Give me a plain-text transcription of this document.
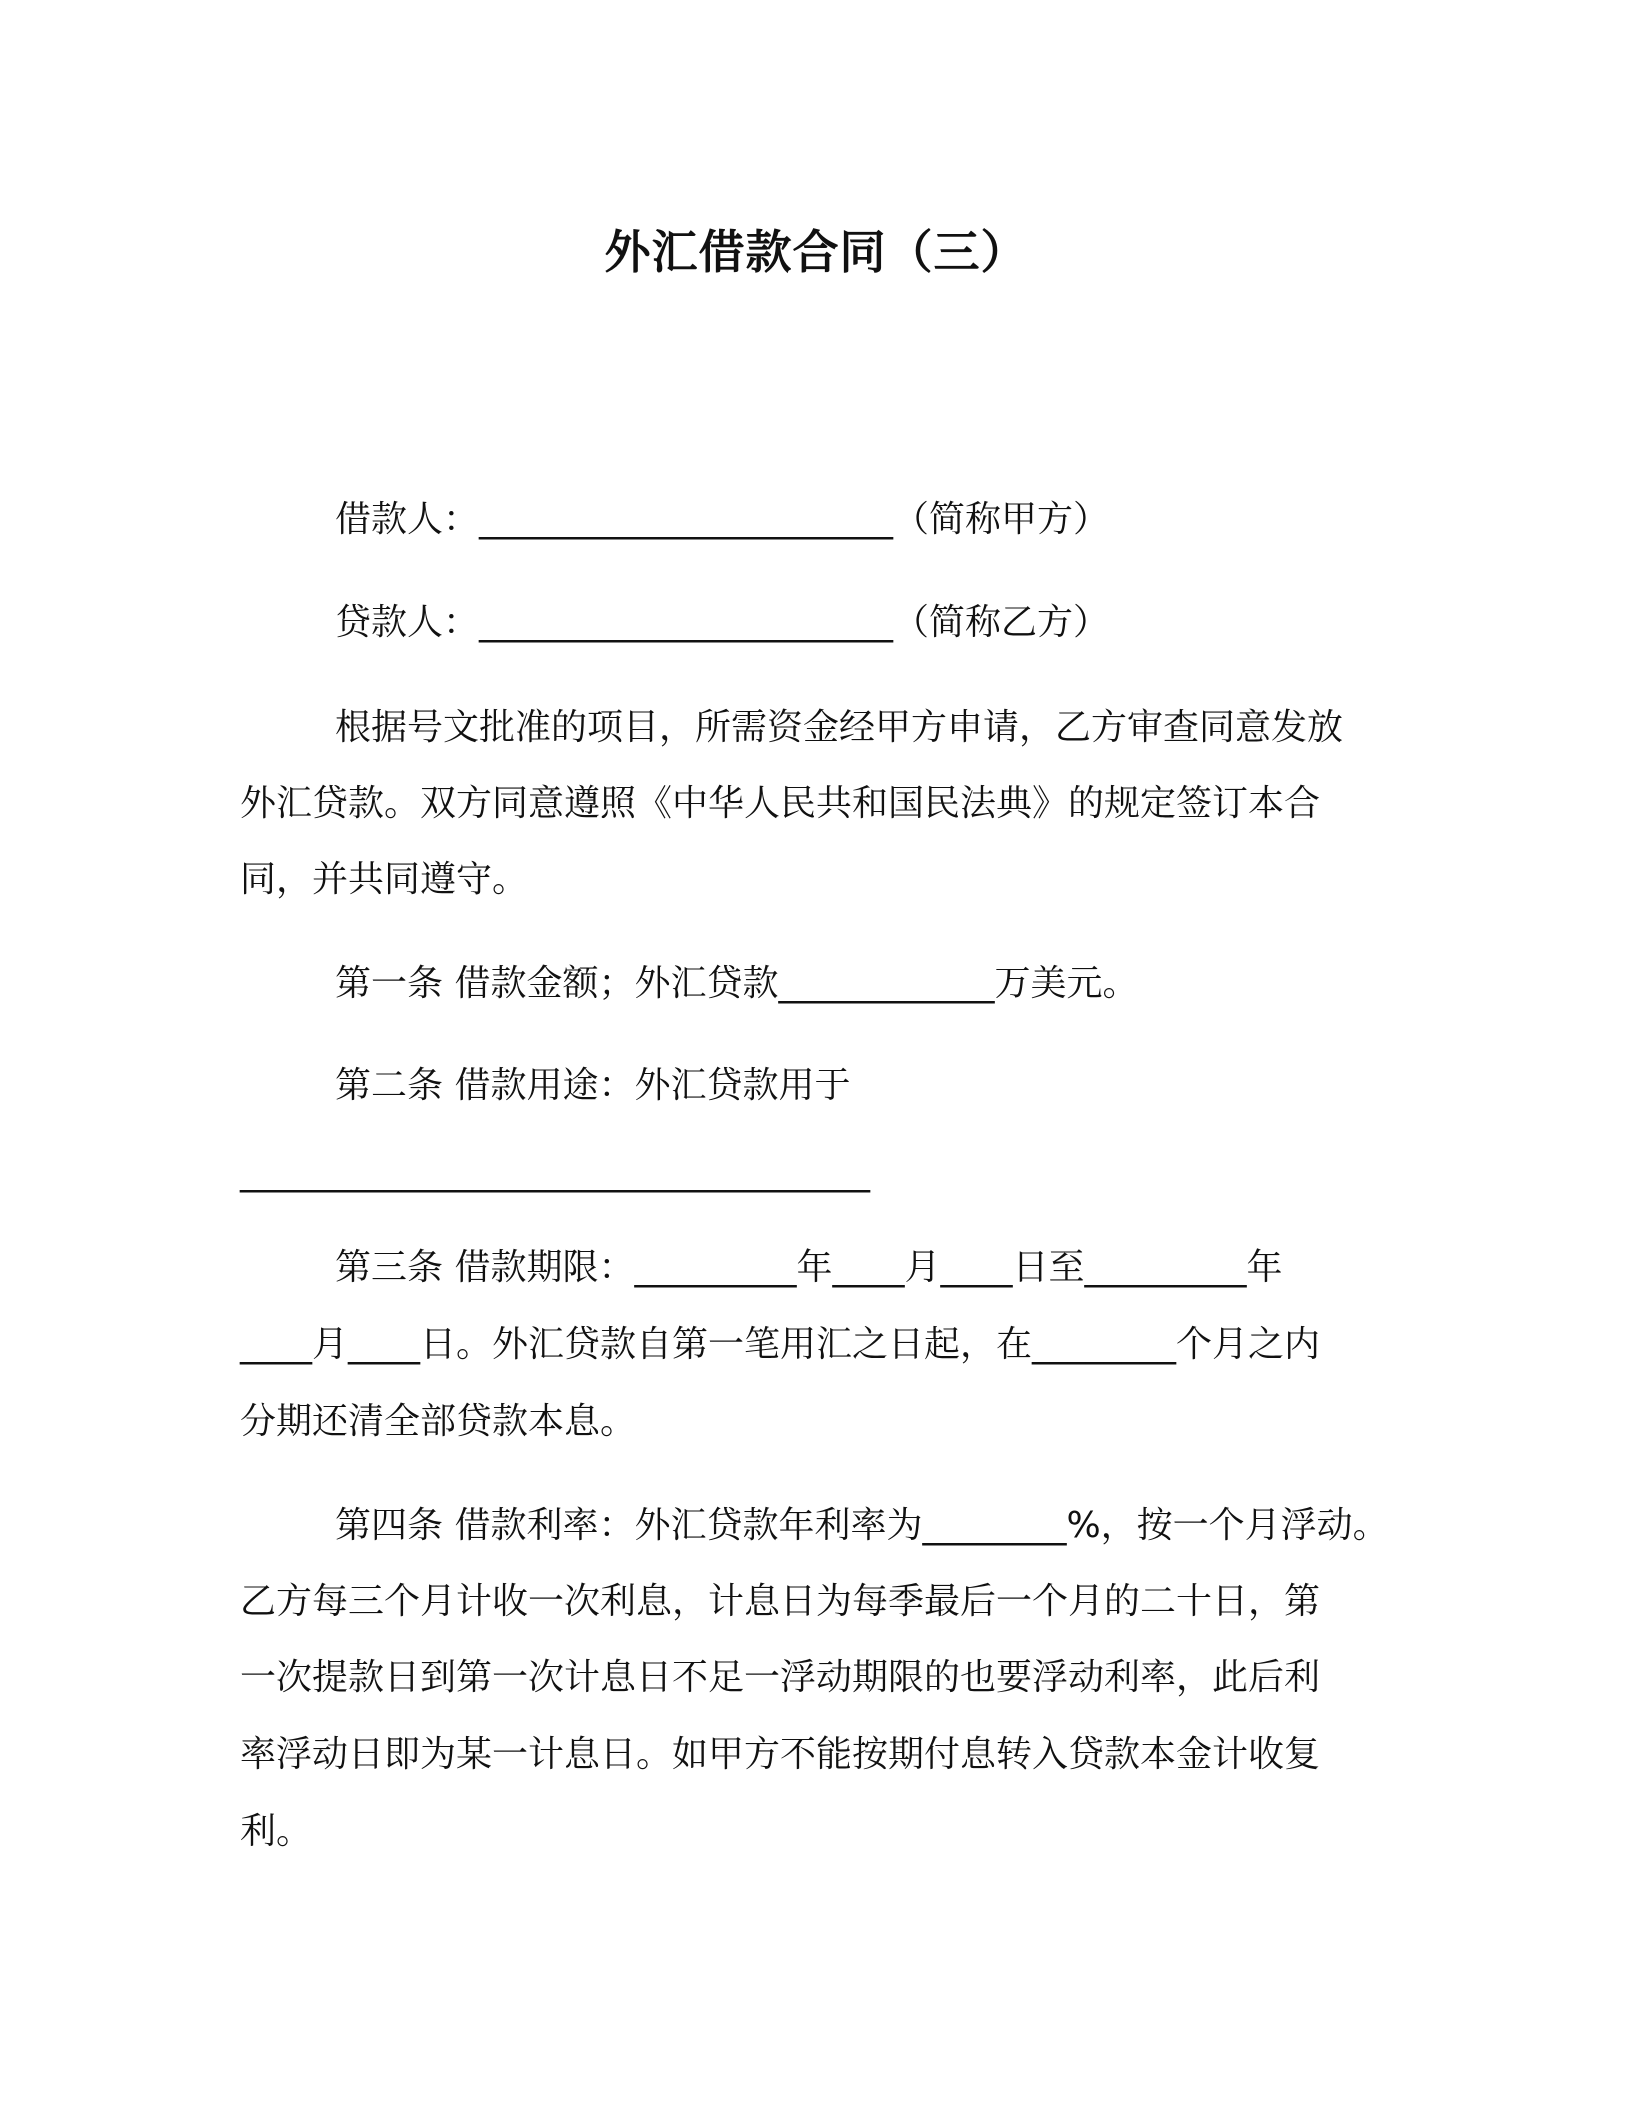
外汇借款合同（三）
借款人：_______________________（简称甲方）
贷款人：_______________________（简称乙方）
根据号文批准的项目，所需资金经甲方申请，乙方审查同意发放
外汇贷款。双方同意遵照《中华人民共和国民法典》的规定签订本合
同，并共同遵守。
第一条 借款金额；外汇贷款____________万美元。
第二条 借款用途：外汇贷款用于
___________________________________
第三条 借款期限：_________年____月____日至_________年
____月____日。外汇贷款自第一笔用汇之日起，在________个月之内
分期还清全部贷款本息。
第四条 借款利率：外汇贷款年利率为________%，按一个月浮动。
乙方每三个月计收一次利息，计息日为每季最后一个月的二十日，第
一次提款日到第一次计息日不足一浮动期限的也要浮动利率，此后利
率浮动日即为某一计息日。如甲方不能按期付息转入贷款本金计收复
利。
